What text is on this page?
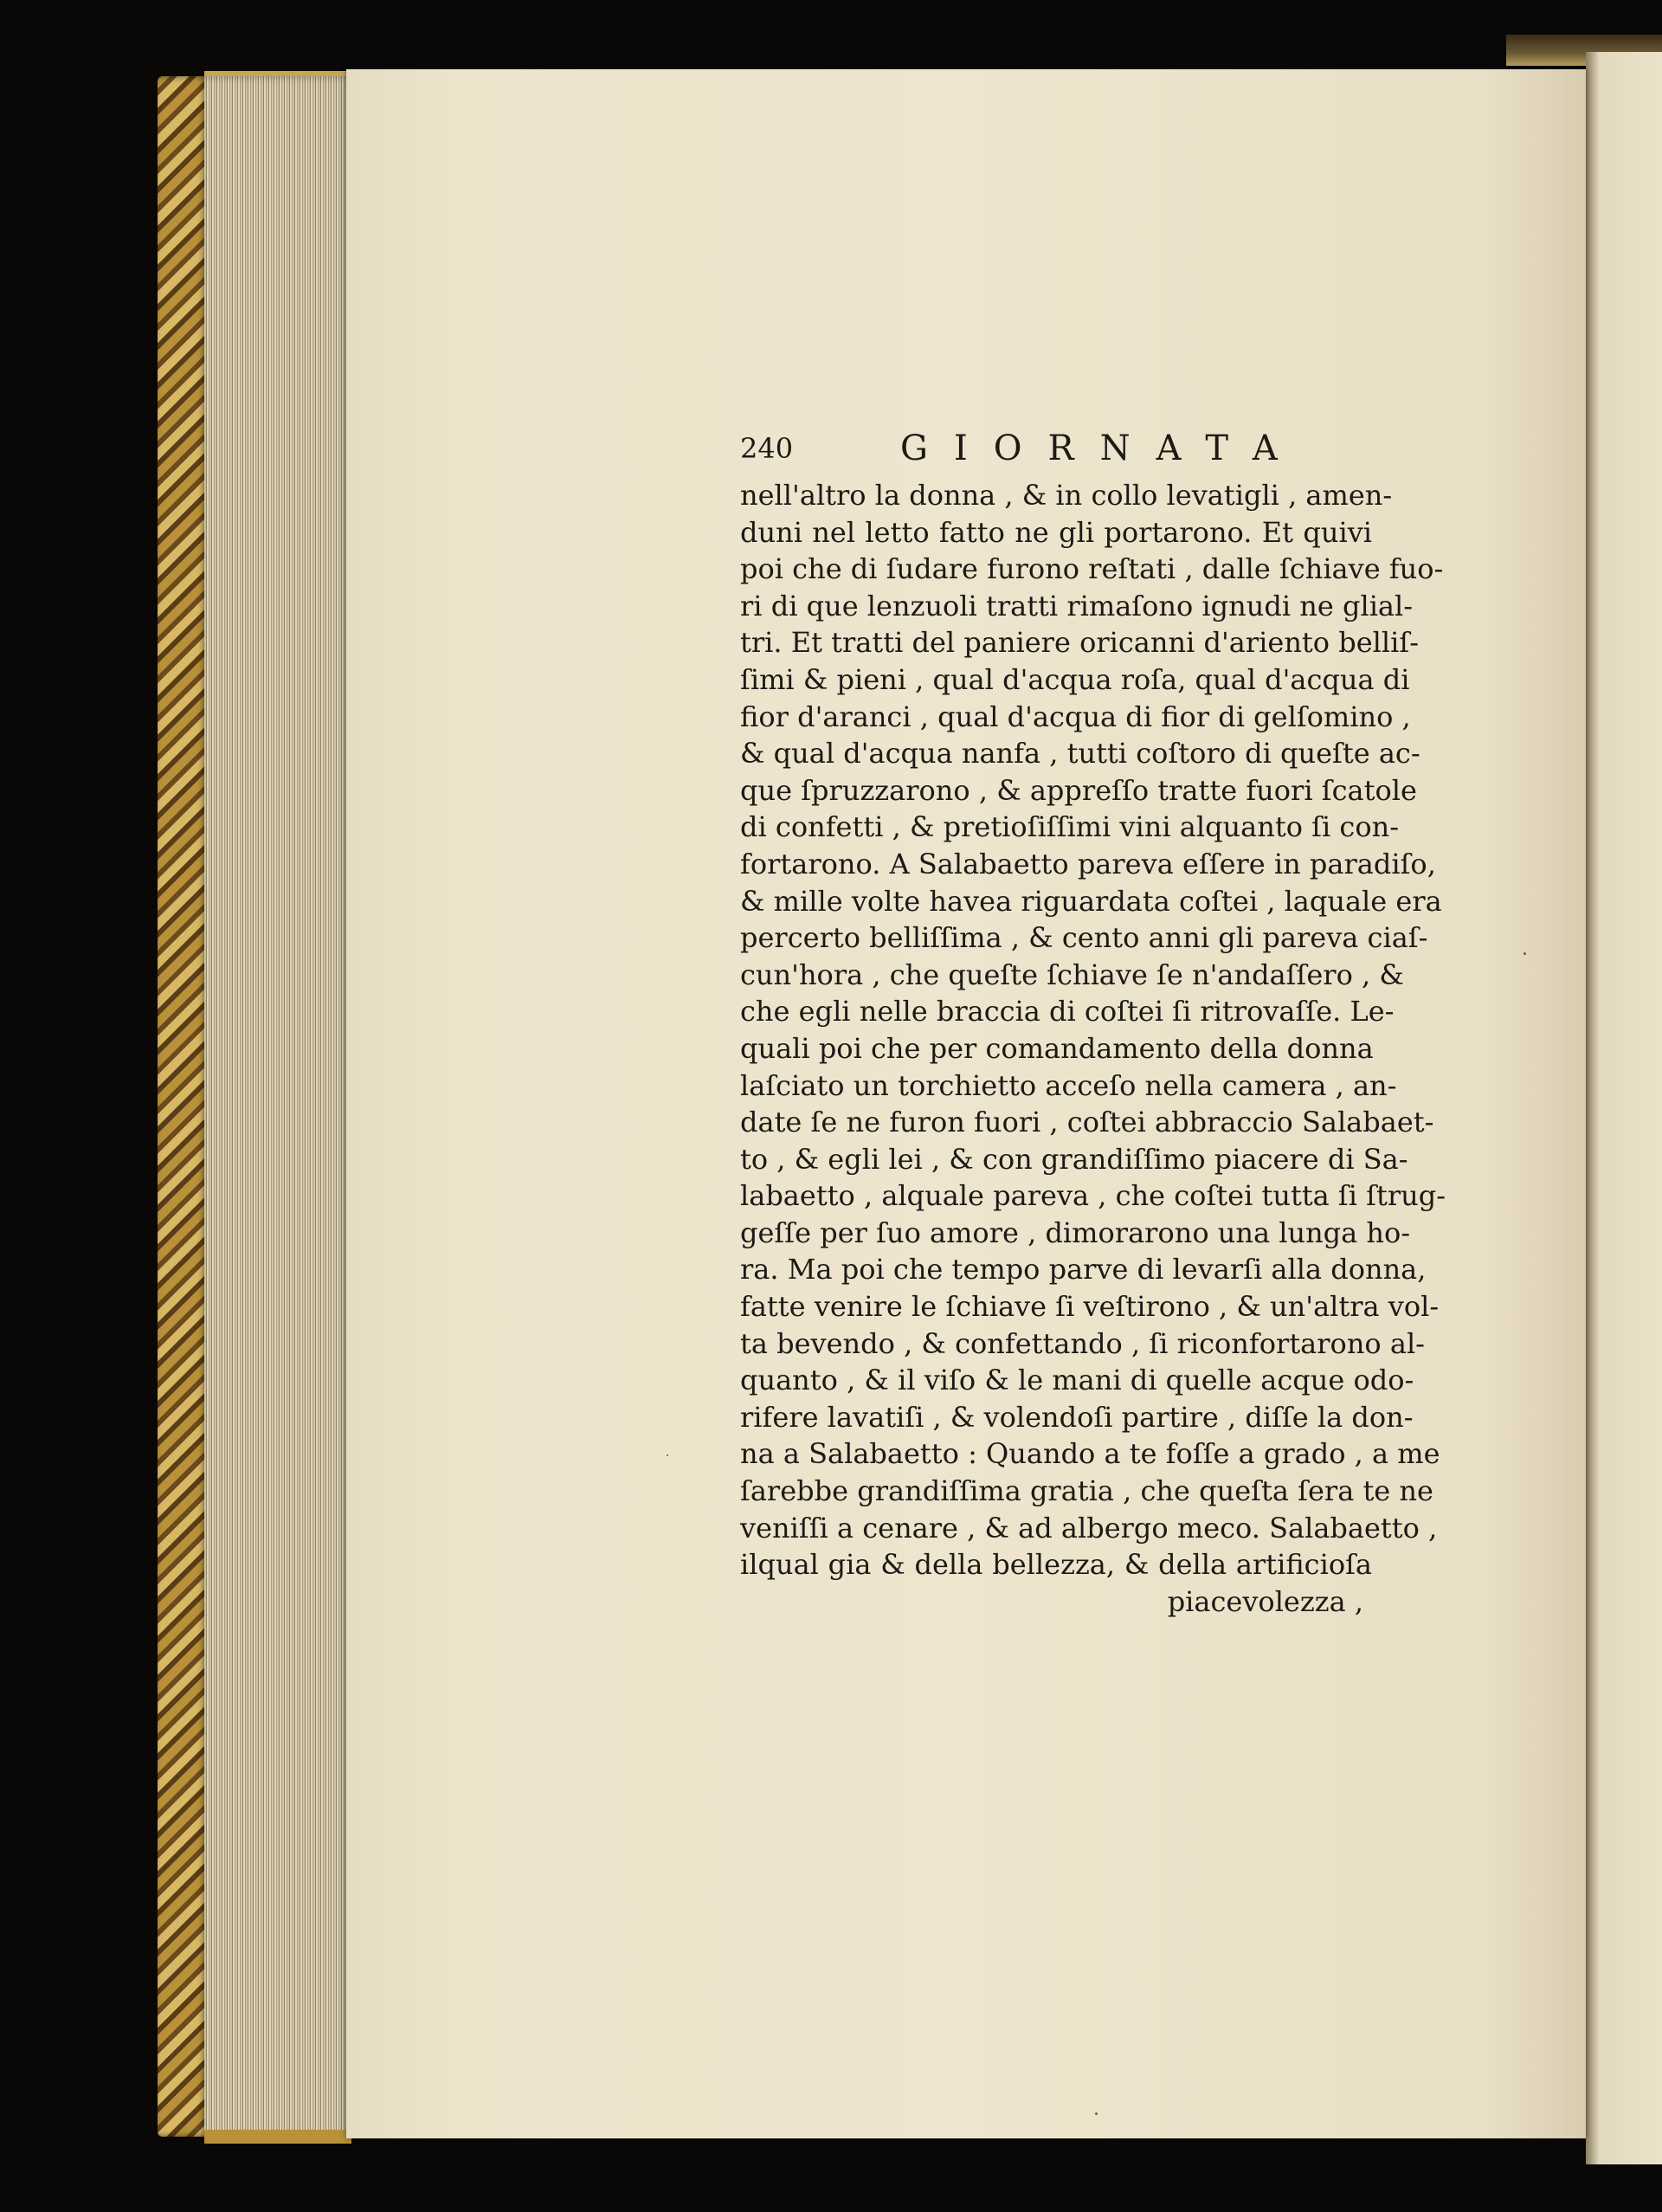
240	GIORNATA
nell'altro la donna , & in collo levatigli , amen-
duni nel letto fatto ne gli portarono. Et quivi
poi che di ſudare furono reſtati , dalle ſchiave fuo-
ri di que lenzuoli tratti rimaſono ignudi ne glial-
tri. Et tratti del paniere oricanni d'ariento belliſ-
ſimi & pieni , qual d'acqua roſa, qual d'acqua di
fior d'aranci , qual d'acqua di fior di gelſomino ,
& qual d'acqua nanfa , tutti coſtoro di queſte ac-
que ſpruzzarono , & appreſſo tratte fuori ſcatole
di confetti , & pretioſiſſimi vini alquanto ſi con-
fortarono. A Salabaetto pareva eſſere in paradiſo,
& mille volte havea riguardata coſtei , laquale era
percerto belliſſima , & cento anni gli pareva ciaſ-
cun'hora , che queſte ſchiave ſe n'andaſſero , &
che egli nelle braccia di coſtei ſi ritrovaſſe. Le-
quali poi che per comandamento della donna
laſciato un torchietto acceſo nella camera , an-
date ſe ne furon fuori , coſtei abbraccio Salabaet-
to , & egli lei , & con grandiſſimo piacere di Sa-
labaetto , alquale pareva , che coſtei tutta ſi ſtrug-
geſſe per ſuo amore , dimorarono una lunga ho-
ra. Ma poi che tempo parve di levarſi alla donna,
fatte venire le ſchiave ſi veſtirono , & un'altra vol-
ta bevendo , & confettando , ſi riconfortarono al-
quanto , & il viſo & le mani di quelle acque odo-
rifere lavatiſi , & volendoſi partire , diſſe la don-
na a Salabaetto : Quando a te foſſe a grado , a me
ſarebbe grandiſſima gratia , che queſta ſera te ne
veniſſi a cenare , & ad albergo meco. Salabaetto ,
ilqual gia & della bellezza, & della artificioſa
piacevolezza ,
